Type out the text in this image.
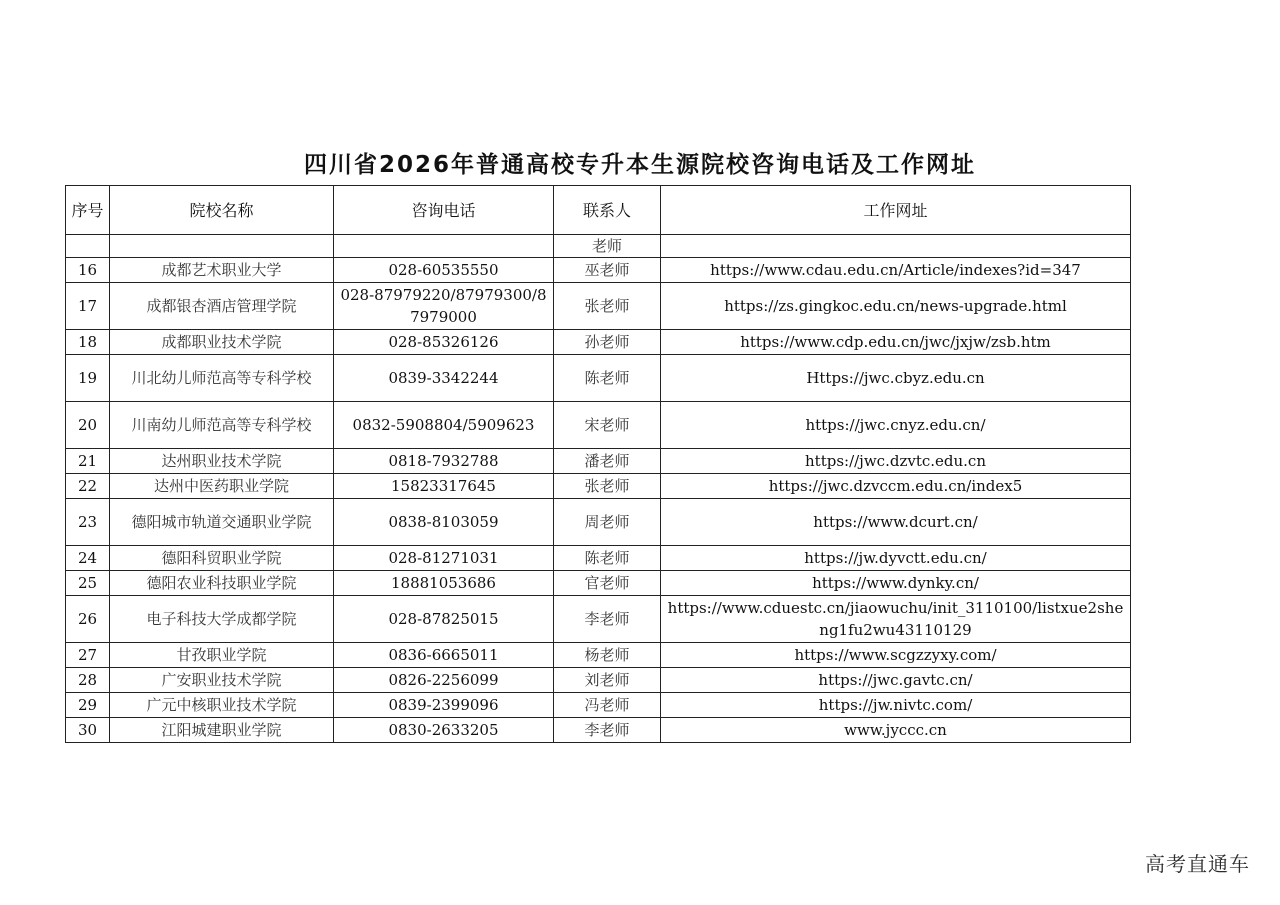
四川省2026年普通高校专升本生源院校咨询电话及工作网址
序号	院校名称	咨询电话	联系人	工作网址
			老师	
16	成都艺术职业大学	028-60535550	巫老师	https://www.cdau.edu.cn/Article/indexes?id=347
17	成都银杏酒店管理学院	028-87979220/87979300/87979000	张老师	https://zs.gingkoc.edu.cn/news-upgrade.html
18	成都职业技术学院	028-85326126	孙老师	https://www.cdp.edu.cn/jwc/jxjw/zsb.htm
19	川北幼儿师范高等专科学校	0839-3342244	陈老师	Https://jwc.cbyz.edu.cn
20	川南幼儿师范高等专科学校	0832-5908804/5909623	宋老师	https://jwc.cnyz.edu.cn/
21	达州职业技术学院	0818-7932788	潘老师	https://jwc.dzvtc.edu.cn
22	达州中医药职业学院	15823317645	张老师	https://jwc.dzvccm.edu.cn/index5
23	德阳城市轨道交通职业学院	0838-8103059	周老师	https://www.dcurt.cn/
24	德阳科贸职业学院	028-81271031	陈老师	https://jw.dyvctt.edu.cn/
25	德阳农业科技职业学院	18881053686	官老师	https://www.dynky.cn/
26	电子科技大学成都学院	028-87825015	李老师	https://www.cduestc.cn/jiaowuchu/init_3110100/listxue2sheng1fu2wu43110129
27	甘孜职业学院	0836-6665011	杨老师	https://www.scgzzyxy.com/
28	广安职业技术学院	0826-2256099	刘老师	https://jwc.gavtc.cn/
29	广元中核职业技术学院	0839-2399096	冯老师	https://jw.nivtc.com/
30	江阳城建职业学院	0830-2633205	李老师	www.jyccc.cn
高考直通车
